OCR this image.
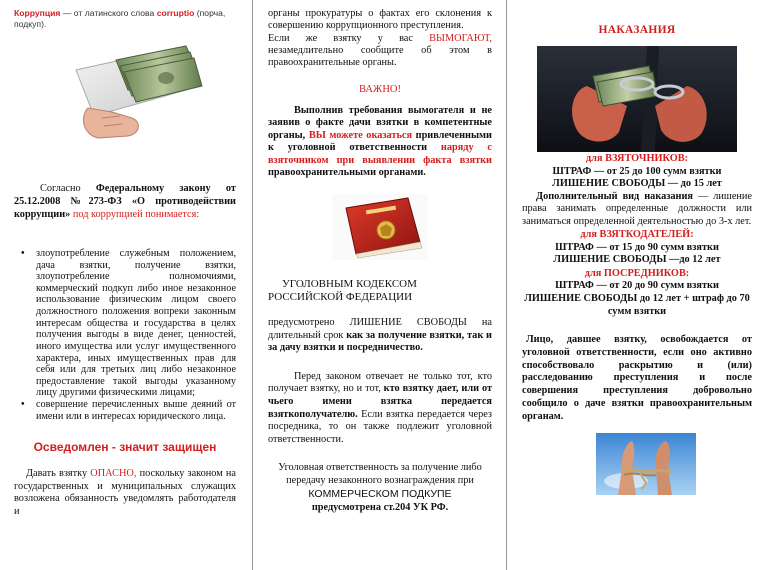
Коррупция — от латинского слова corruptio (порча, подкуп).

Согласно Федеральному закону от 25.12.2008 №273-ФЗ «О противодействии коррупции» под коррупцией понимается:

• злоупотребление служебным положением, дача взятки, получение взятки, злоупотребление полномочиями, коммерческий подкуп либо иное незаконное использование физическим лицом своего должностного положения вопреки законным интересам общества и государства в целях получения выгоды в виде денег, ценностей, иного имущества или услуг имущественного характера, иных имущественных прав для себя или для третьих лиц либо незаконное предоставление такой выгоды указанному лицу другими физическими лицами;
• совершение перечисленных выше деяний от имени или в интересах юридического лица.

Осведомлен - значит защищен

Давать взятку ОПАСНО, поскольку законом на государственных и муниципальных служащих возложена обязанность уведомлять работодателя и

органы прокуратуры о фактах его склонения к совершению коррупционного преступления.

Если же взятку у вас ВЫМОГАЮТ, незамедлительно сообщите об этом в правоохранительные органы.

ВАЖНО!

Выполнив требования вымогателя и не заявив о факте дачи взятки в компетентные органы, ВЫ можете оказаться привлеченными к уголовной ответственности наряду с взяточником при выявлении факта взятки правоохранительными органами.

УГОЛОВНЫМ КОДЕКСОМ РОССИЙСКОЙ ФЕДЕРАЦИИ

предусмотрено ЛИШЕНИЕ СВОБОДЫ на длительный срок как за получение взятки, так и за дачу взятки и посредничество.

Перед законом отвечает не только тот, кто получает взятку, но и тот, кто взятку дает, или от чьего имени взятка передается взяткополучателю. Если взятка передается через посредника, то он также подлежит уголовной ответственности.

Уголовная ответственность за получение либо передачу незаконного вознаграждения при
КОММЕРЧЕСКОМ ПОДКУПЕ
предусмотрена ст.204 УК РФ.

НАКАЗАНИЯ

для ВЗЯТОЧНИКОВ:

ШТРАФ — от 25 до 100 сумм взятки

ЛИШЕНИЕ СВОБОДЫ — до 15 лет

Дополнительный вид наказания — лишение права занимать определенные должности или заниматься определенной деятельностью до 3-х лет.

для ВЗЯТКОДАТЕЛЕЙ:

ШТРАФ — от 15 до 90 сумм взятки

ЛИШЕНИЕ СВОБОДЫ —до 12 лет

для ПОСРЕДНИКОВ:

ШТРАФ — от 20 до 90 сумм взятки

ЛИШЕНИЕ СВОБОДЫ до 12 лет + штраф до 70 сумм взятки

Лицо, давшее взятку, освобождается от уголовной ответственности, если оно активно способствовало раскрытию и (или) расследованию преступления и после совершения преступления добровольно сообщило о даче взятки правоохранительным органам.
